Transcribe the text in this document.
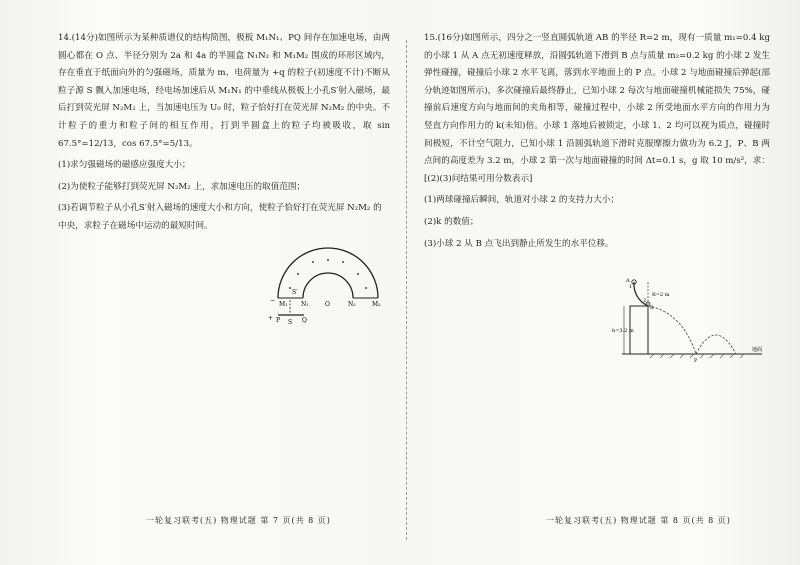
14.(14分)如图所示为某种质谱仪的结构简图，极板 M₁N₁、PQ 间存在加速电场，由两圆心都在 O 点、半径分别为 2a 和 4a 的半圆盒 N₁N₂ 和 M₁M₂ 围成的环形区域内，存在垂直于纸面向外的匀强磁场，质量为 m、电荷量为 +q 的粒子(初速度不计)不断从粒子源 S 飘入加速电场，经电场加速后从 M₁N₁ 的中垂线从极板上小孔S′射入磁场，最后打到荧光屏 N₂M₂ 上，当加速电压为 U₀ 时，粒子恰好打在荧光屏 N₂M₂ 的中央。不计粒子的重力和粒子间的相互作用，打到半圆盒上的粒子均被吸收，取 sin 67.5°=12/13，cos 67.5°=5/13。

(1)求匀强磁场的磁感应强度大小；

(2)为使粒子能够打到荧光屏 N₂M₂ 上，求加速电压的取值范围；

(3)若调节粒子从小孔S′射入磁场的速度大小和方向，使粒子恰好打在荧光屏 N₂M₂ 的中央，求粒子在磁场中运动的最短时间。

−
M₁
S′
N₁	O	N₂	M₂
+ P S Q
一轮复习联考(五) 物理试题 第 7 页(共 8 页)

15.(16分)如图所示，四分之一竖直圆弧轨道 AB 的半径 R=2 m，现有一质量 m₁=0.4 kg 的小球 1 从 A 点无初速度释放，沿圆弧轨道下滑到 B 点与质量 m₂=0.2 kg 的小球 2 发生弹性碰撞，碰撞后小球 2 水平飞离，落到水平地面上的 P 点。小球 2 与地面碰撞后弹起(部分轨迹如图所示)，多次碰撞后最终静止，已知小球 2 每次与地面碰撞机械能损失 75%，碰撞前后速度方向与地面间的夹角相等，碰撞过程中，小球 2 所受地面水平方向的作用力为竖直方向作用力的 k(未知)倍。小球 1 落地后被锁定，小球 1、2 均可以视为质点，碰撞时间极短，不计空气阻力，已知小球 1 沿圆弧轨道下滑时克服摩擦力做功为 6.2 J，P、B 两点间的高度差为 3.2 m，小球 2 第一次与地面碰撞的时间 Δt=0.1 s，g 取 10 m/s²，求：[(2)(3)问结果可用分数表示]

(1)两球碰撞后瞬间，轨道对小球 2 的支持力大小；

(2)k 的数值；

(3)小球 2 从 B 点飞出到静止所发生的水平位移。

A
1
B
2
R=2 m
h=3.2 m
P
地面
一轮复习联考(五) 物理试题 第 8 页(共 8 页)
